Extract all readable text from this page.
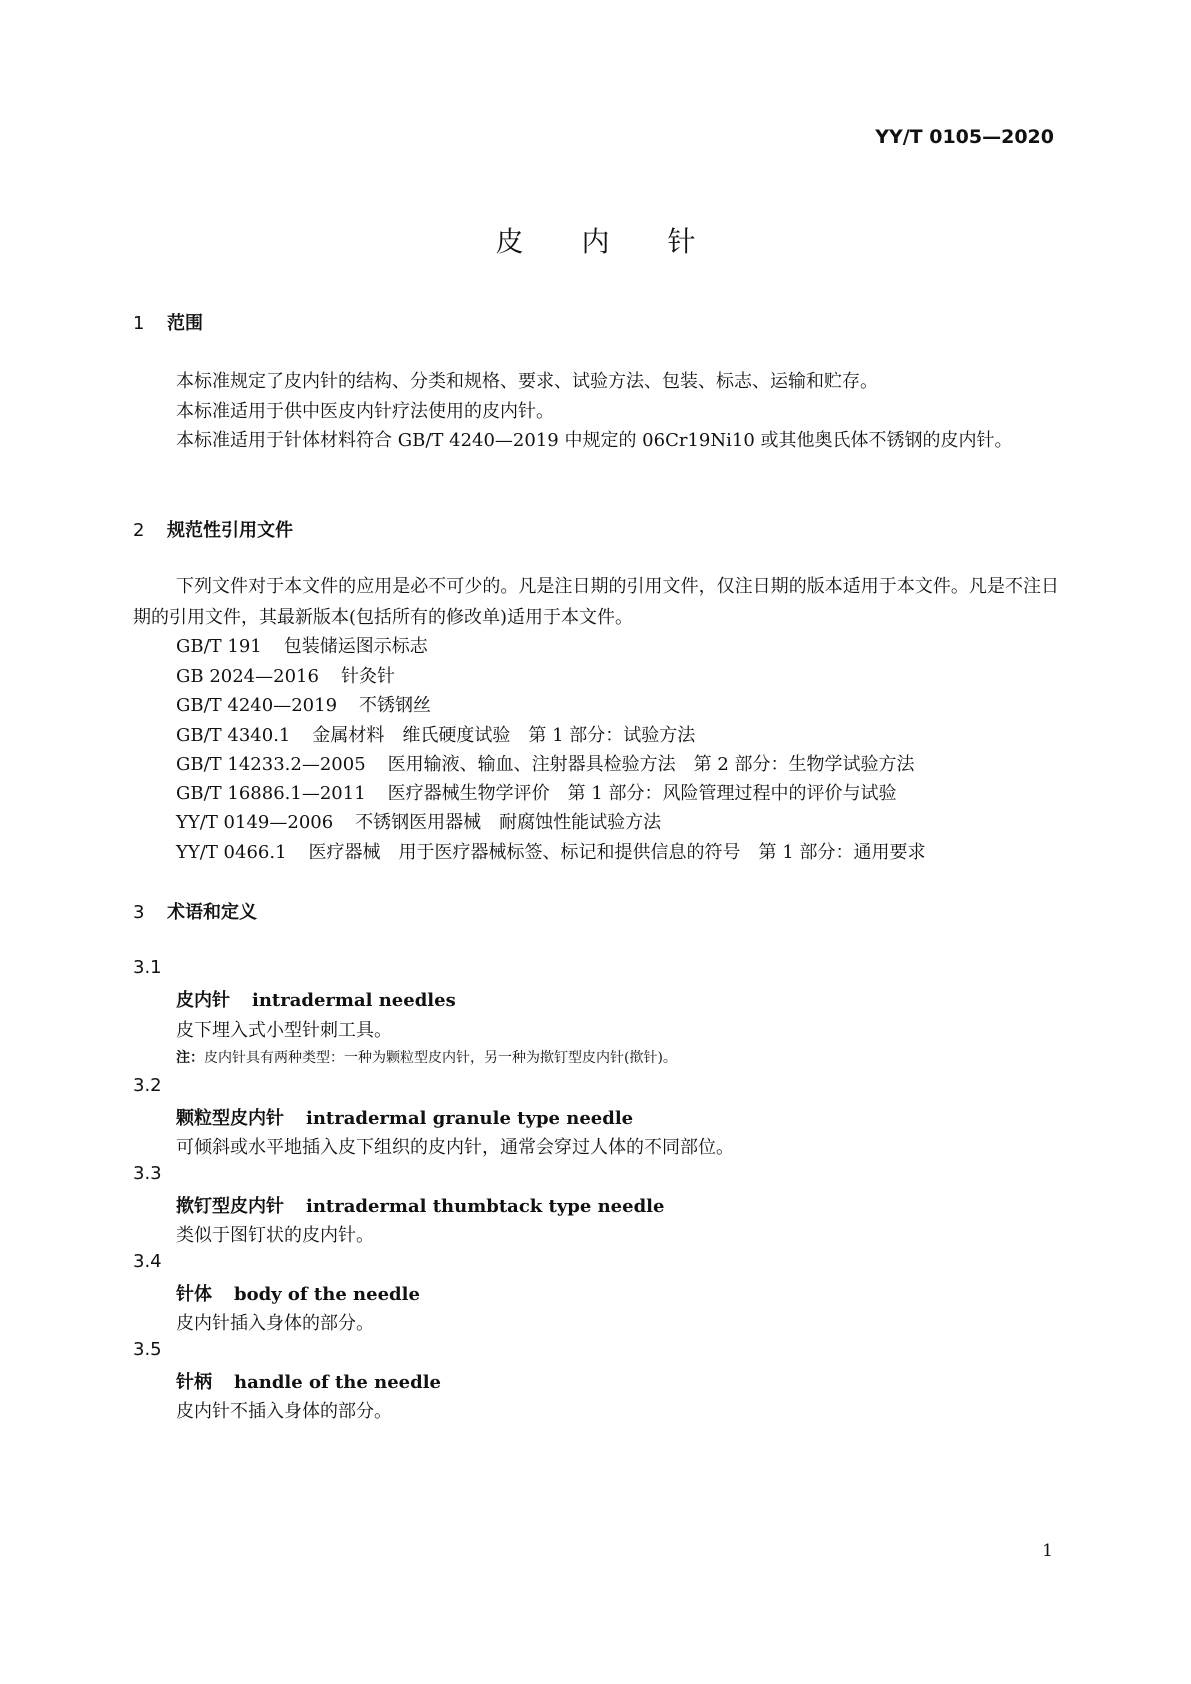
YY/T 0105—2020
皮内针
1 范围
本标准规定了皮内针的结构、分类和规格、要求、试验方法、包装、标志、运输和贮存。
本标准适用于供中医皮内针疗法使用的皮内针。
本标准适用于针体材料符合 GB/T 4240—2019 中规定的 06Cr19Ni10 或其他奥氏体不锈钢的皮内针。
2 规范性引用文件
下列文件对于本文件的应用是必不可少的。凡是注日期的引用文件，仅注日期的版本适用于本文件。凡是不注日期的引用文件，其最新版本(包括所有的修改单)适用于本文件。
GB/T 191 包装储运图示标志
GB 2024—2016 针灸针
GB/T 4240—2019 不锈钢丝
GB/T 4340.1 金属材料　维氏硬度试验　第 1 部分：试验方法
GB/T 14233.2—2005 医用输液、输血、注射器具检验方法　第 2 部分：生物学试验方法
GB/T 16886.1—2011 医疗器械生物学评价　第 1 部分：风险管理过程中的评价与试验
YY/T 0149—2006 不锈钢医用器械　耐腐蚀性能试验方法
YY/T 0466.1 医疗器械　用于医疗器械标签、标记和提供信息的符号　第 1 部分：通用要求
3 术语和定义
3.1
皮内针 intradermal needles
皮下埋入式小型针刺工具。
注：皮内针具有两种类型：一种为颗粒型皮内针，另一种为揿钉型皮内针(揿针)。
3.2
颗粒型皮内针 intradermal granule type needle
可倾斜或水平地插入皮下组织的皮内针，通常会穿过人体的不同部位。
3.3
揿钉型皮内针 intradermal thumbtack type needle
类似于图钉状的皮内针。
3.4
针体 body of the needle
皮内针插入身体的部分。
3.5
针柄 handle of the needle
皮内针不插入身体的部分。
1
